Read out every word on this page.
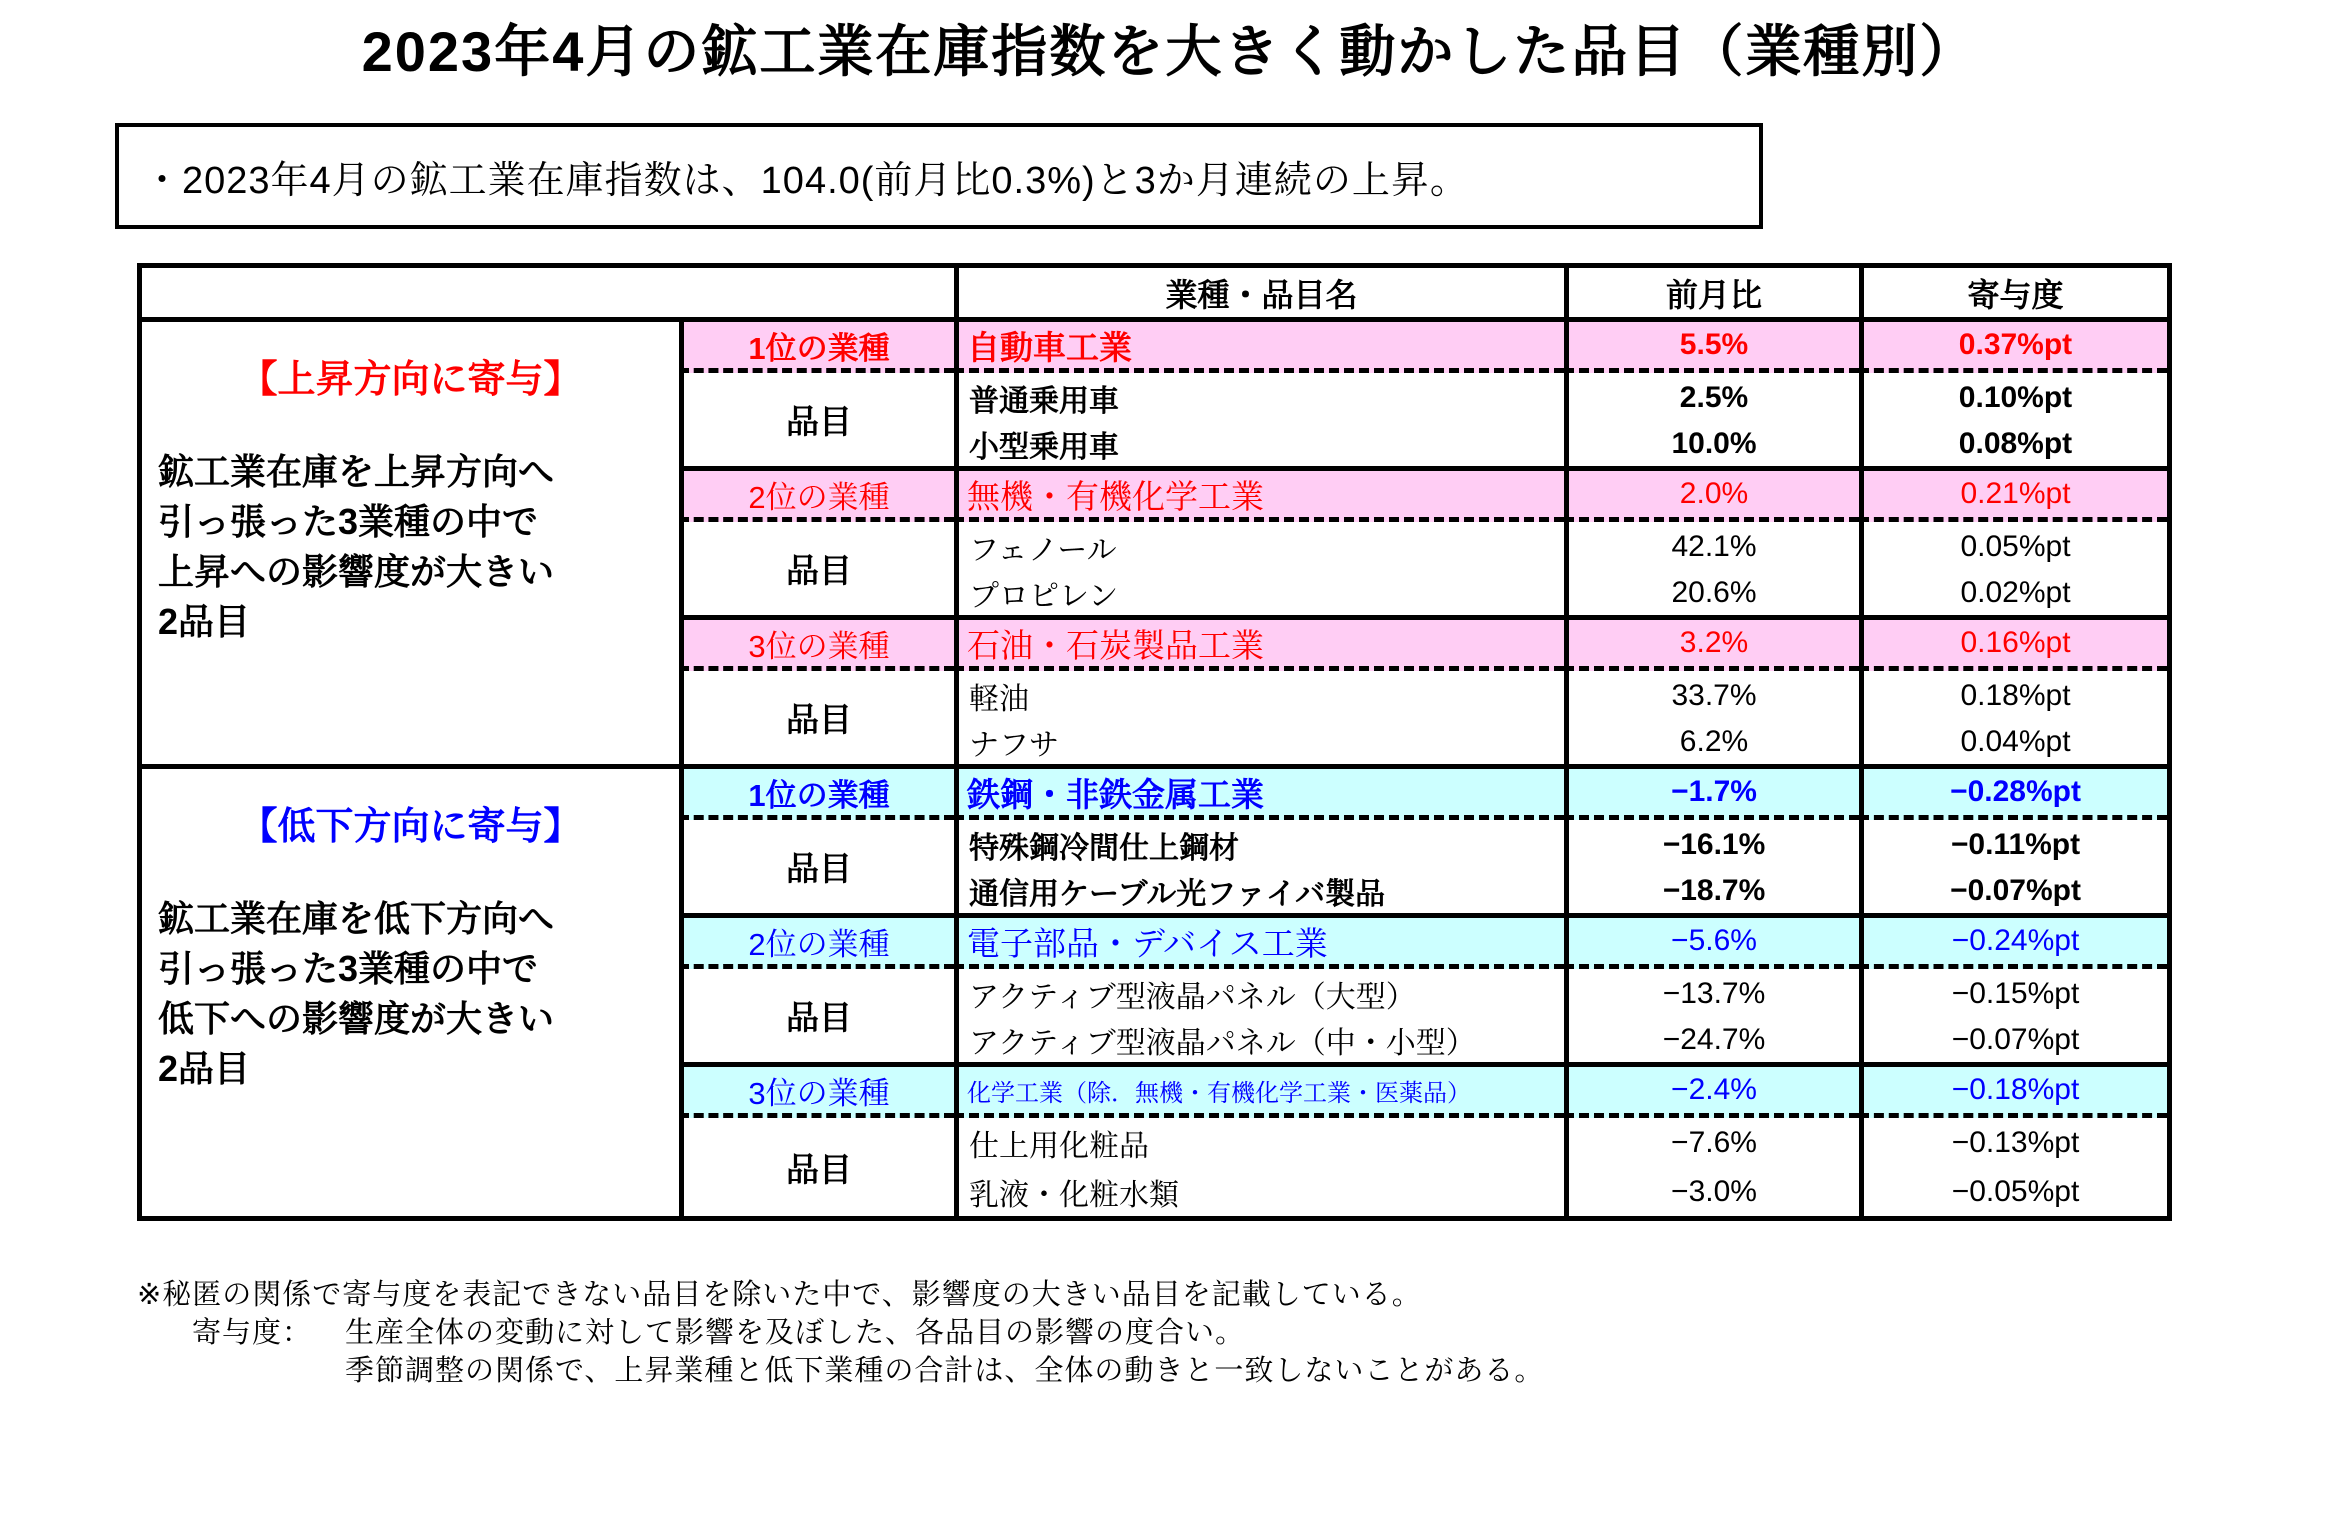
2023年4月の鉱工業在庫指数を大きく動かした品目（業種別）
・2023年4月の鉱工業在庫指数は、104.0(前月比0.3%)と3か月連続の上昇。
業種・品目名	前月比	寄与度
【上昇方向に寄与】
鉱工業在庫を上昇方向へ
引っ張った3業種の中で
上昇への影響度が大きい
2品目
1位の業種	自動車工業	5.5%	0.37%pt
品目
普通乗用車	2.5%	0.10%pt
小型乗用車	10.0%	0.08%pt
2位の業種	無機・有機化学工業	2.0%	0.21%pt
品目
フェノール	42.1%	0.05%pt
プロピレン	20.6%	0.02%pt
3位の業種	石油・石炭製品工業	3.2%	0.16%pt
品目
軽油	33.7%	0.18%pt
ナフサ	6.2%	0.04%pt
【低下方向に寄与】
鉱工業在庫を低下方向へ
引っ張った3業種の中で
低下への影響度が大きい
2品目
1位の業種	鉄鋼・非鉄金属工業	−1.7%	−0.28%pt
品目
特殊鋼冷間仕上鋼材	−16.1%	−0.11%pt
通信用ケーブル光ファイバ製品	−18.7%	−0.07%pt
2位の業種	電子部品・デバイス工業	−5.6%	−0.24%pt
品目
アクティブ型液晶パネル（大型）	−13.7%	−0.15%pt
アクティブ型液晶パネル（中・小型）	−24.7%	−0.07%pt
3位の業種	化学工業（除．無機・有機化学工業・医薬品）	−2.4%	−0.18%pt
品目
仕上用化粧品	−7.6%	−0.13%pt
乳液・化粧水類	−3.0%	−0.05%pt
※秘匿の関係で寄与度を表記できない品目を除いた中で、影響度の大きい品目を記載している。
寄与度： 生産全体の変動に対して影響を及ぼした、各品目の影響の度合い。
季節調整の関係で、上昇業種と低下業種の合計は、全体の動きと一致しないことがある。
